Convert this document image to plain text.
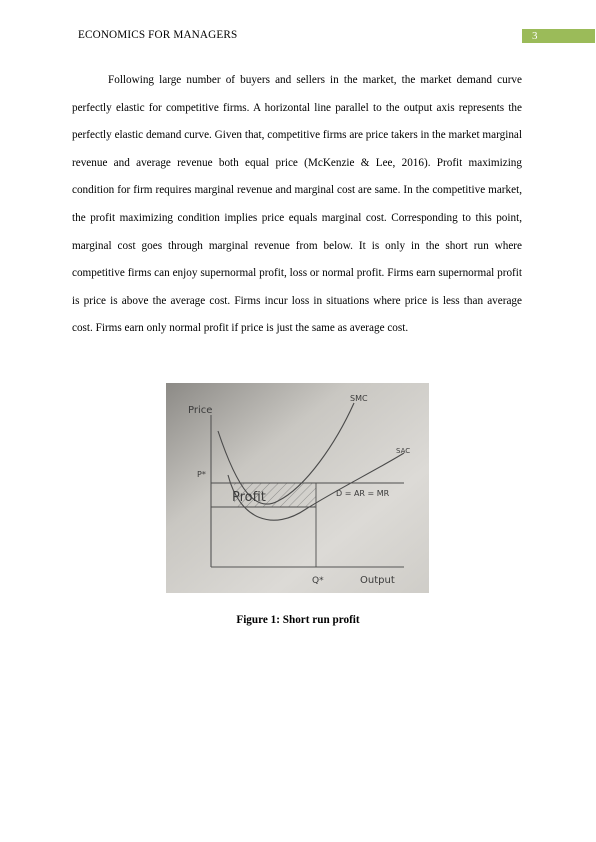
ECONOMICS FOR MANAGERS	3

Following large number of buyers and sellers in the market, the market demand curve perfectly elastic for competitive firms. A horizontal line parallel to the output axis represents the perfectly elastic demand curve. Given that, competitive firms are price takers in the market marginal revenue and average revenue both equal price (McKenzie & Lee, 2016). Profit maximizing condition for firm requires marginal revenue and marginal cost are same. In the competitive market, the profit maximizing condition implies price equals marginal cost. Corresponding to this point, marginal cost goes through marginal revenue from below. It is only in the short run where competitive firms can enjoy supernormal profit, loss or normal profit. Firms earn supernormal profit is price is above the average cost. Firms incur loss in situations where price is less than average cost. Firms earn only normal profit if price is just the same as average cost.

Price
SMC
SAC
P*
D = AR = MR
Profit
Q*	Output
Figure 1: Short run profit
